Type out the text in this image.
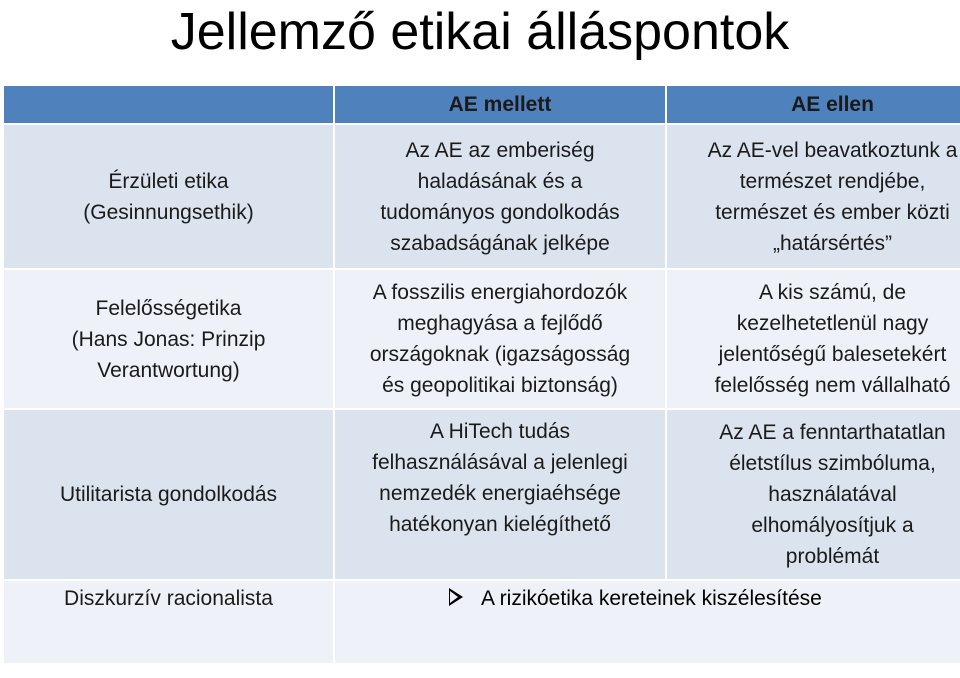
Jellemző etikai álláspontok
	AE mellett	AE ellen

Érzületi etika
(Gesinnungsethik)	Az AE az emberiség
haladásának és a
tudományos gondolkodás
szabadságának jelképe	Az AE-vel beavatkoztunk a
természet rendjébe,
természet és ember közti
„határsértés”

Felelősségetika
(Hans Jonas: Prinzip
Verantwortung)	A fosszilis energiahordozók
meghagyása a fejlődő
országoknak (igazságosság
és geopolitikai biztonság)	A kis számú, de
kezelhetetlenül nagy
jelentőségű balesetekért
felelősség nem vállalható

Utilitarista gondolkodás	A HiTech tudás
felhasználásával a jelenlegi
nemzedék energiaéhsége
hatékonyan kielégíthető	Az AE a fenntarthatatlan
életstílus szimbóluma,
használatával
elhomályosítjuk a
problémát

Diszkurzív racionalista	A rizikóetika kereteinek kiszélesítése	
